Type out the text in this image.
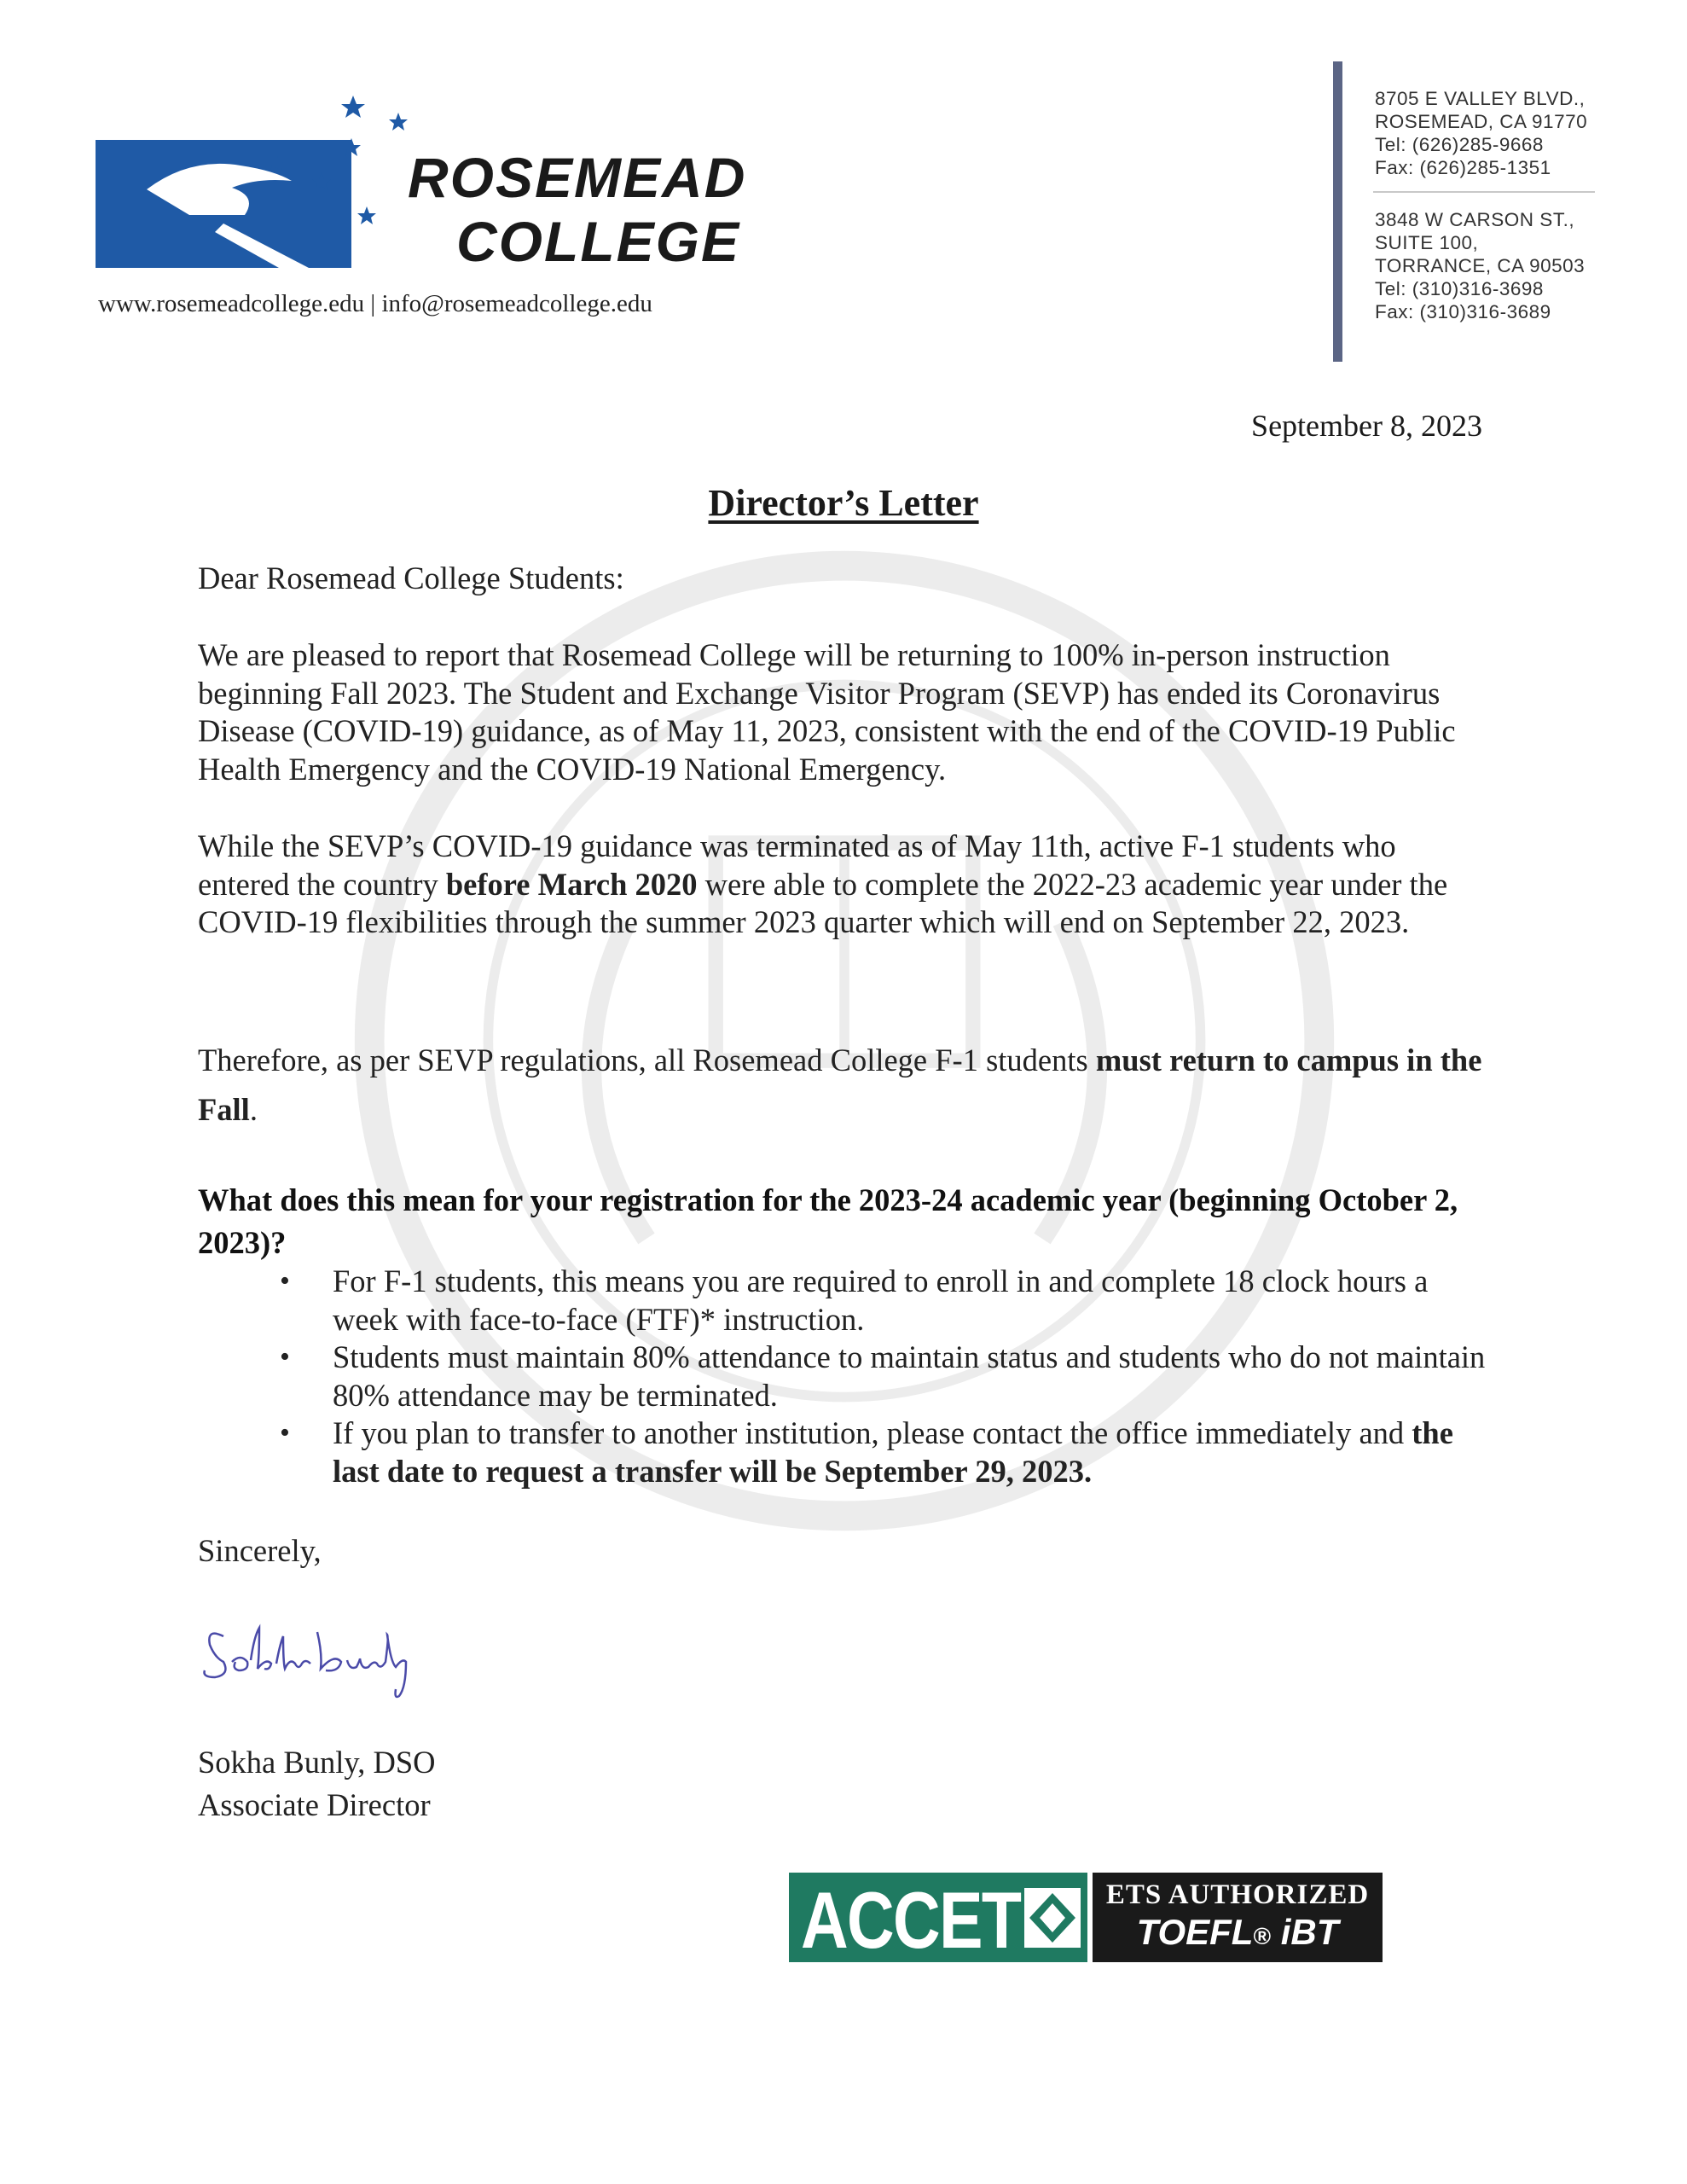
ROSEMEAD
COLLEGE
www.rosemeadcollege.edu | info@rosemeadcollege.edu
8705 E VALLEY BLVD.,
ROSEMEAD, CA 91770
Tel: (626)285-9668
Fax: (626)285-1351
3848 W CARSON ST.,
SUITE 100,
TORRANCE, CA 90503
Tel: (310)316-3698
Fax: (310)316-3689
September 8, 2023
Director’s Letter
Dear Rosemead College Students:
We are pleased to report that Rosemead College will be returning to 100% in-person instruction beginning Fall 2023. The Student and Exchange Visitor Program (SEVP) has ended its Coronavirus Disease (COVID-19) guidance, as of May 11, 2023, consistent with the end of the COVID-19 Public Health Emergency and the COVID-19 National Emergency.
While the SEVP’s COVID-19 guidance was terminated as of May 11th, active F-1 students who entered the country before March 2020 were able to complete the 2022-23 academic year under the COVID-19 flexibilities through the summer 2023 quarter which will end on September 22, 2023.
Therefore, as per SEVP regulations, all Rosemead College F-1 students must return to campus in the Fall.
What does this mean for your registration for the 2023-24 academic year (beginning October 2, 2023)?
• For F-1 students, this means you are required to enroll in and complete 18 clock hours a week with face-to-face (FTF)* instruction.
• Students must maintain 80% attendance to maintain status and students who do not maintain 80% attendance may be terminated.
• If you plan to transfer to another institution, please contact the office immediately and the last date to request a transfer will be September 29, 2023.
Sincerely,
Sokha Bunly, DSO
Associate Director
ACCET	ETS AUTHORIZED
TOEFL® iBT CENTER
